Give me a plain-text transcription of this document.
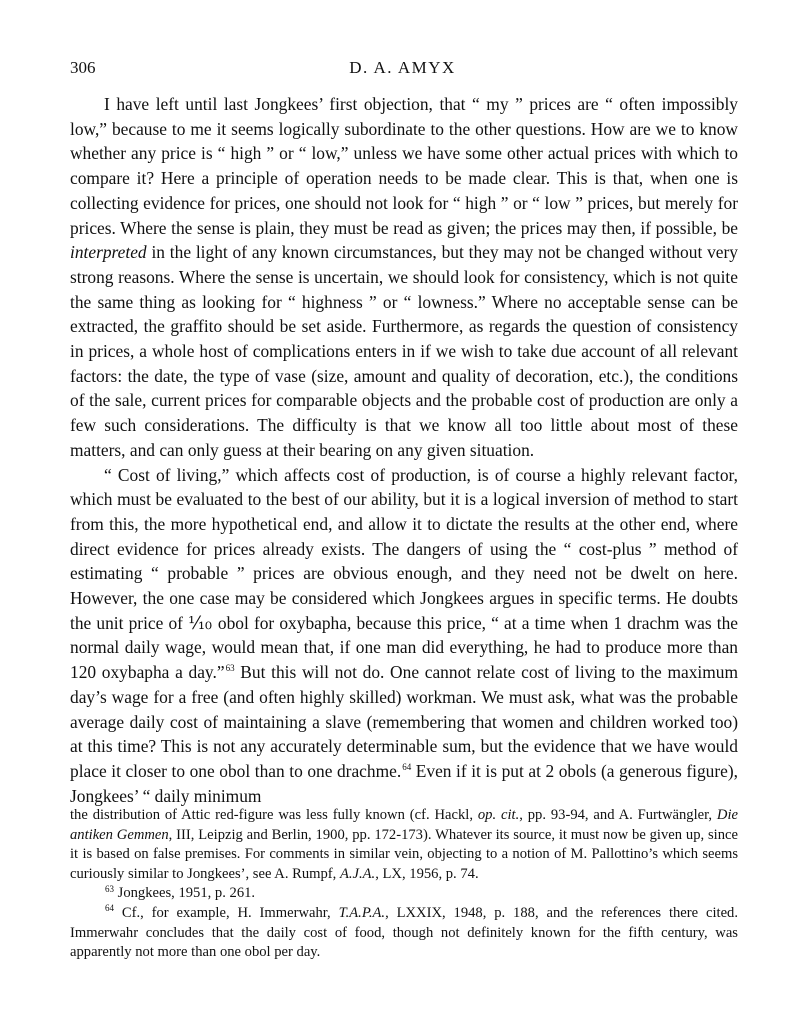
306	D. A. AMYX

I have left until last Jongkees’ first objection, that “ my ” prices are “ often impossibly low,” because to me it seems logically subordinate to the other questions. How are we to know whether any price is “ high ” or “ low,” unless we have some other actual prices with which to compare it? Here a principle of operation needs to be made clear. This is that, when one is collecting evidence for prices, one should not look for “ high ” or “ low ” prices, but merely for prices. Where the sense is plain, they must be read as given; the prices may then, if possible, be interpreted in the light of any known circumstances, but they may not be changed without very strong reasons. Where the sense is uncertain, we should look for consistency, which is not quite the same thing as looking for “ highness ” or “ lowness.” Where no acceptable sense can be extracted, the graffito should be set aside. Furthermore, as regards the question of consistency in prices, a whole host of complications enters in if we wish to take due account of all relevant factors: the date, the type of vase (size, amount and quality of decoration, etc.), the conditions of the sale, current prices for comparable objects and the probable cost of production are only a few such considerations. The difficulty is that we know all too little about most of these matters, and can only guess at their bearing on any given situation.

“ Cost of living,” which affects cost of production, is of course a highly relevant factor, which must be evaluated to the best of our ability, but it is a logical inversion of method to start from this, the more hypothetical end, and allow it to dictate the results at the other end, where direct evidence for prices already exists. The dangers of using the “ cost-plus ” method of estimating “ probable ” prices are obvious enough, and they need not be dwelt on here. However, the one case may be considered which Jongkees argues in specific terms. He doubts the unit price of ⅒ obol for oxybapha, because this price, “ at a time when 1 drachm was the normal daily wage, would mean that, if one man did everything, he had to produce more than 120 oxybapha a day.”$^{63}$ But this will not do. One cannot relate cost of living to the maximum day’s wage for a free (and often highly skilled) workman. We must ask, what was the probable average daily cost of maintaining a slave (remembering that women and children worked too) at this time? This is not any accurately determinable sum, but the evidence that we have would place it closer to one obol than to one drachme.$^{64}$ Even if it is put at 2 obols (a generous figure), Jongkees’ “ daily minimum

the distribution of Attic red-figure was less fully known (cf. Hackl, op. cit., pp. 93-94, and A. Furtwängler, Die antiken Gemmen, III, Leipzig and Berlin, 1900, pp. 172-173). Whatever its source, it must now be given up, since it is based on false premises. For comments in similar vein, objecting to a notion of M. Pallottino’s which seems curiously similar to Jongkees’, see A. Rumpf, A.J.A., LX, 1956, p. 74.

$^{63}$ Jongkees, 1951, p. 261.

$^{64}$ Cf., for example, H. Immerwahr, T.A.P.A., LXXIX, 1948, p. 188, and the references there cited. Immerwahr concludes that the daily cost of food, though not definitely known for the fifth century, was apparently not more than one obol per day.
